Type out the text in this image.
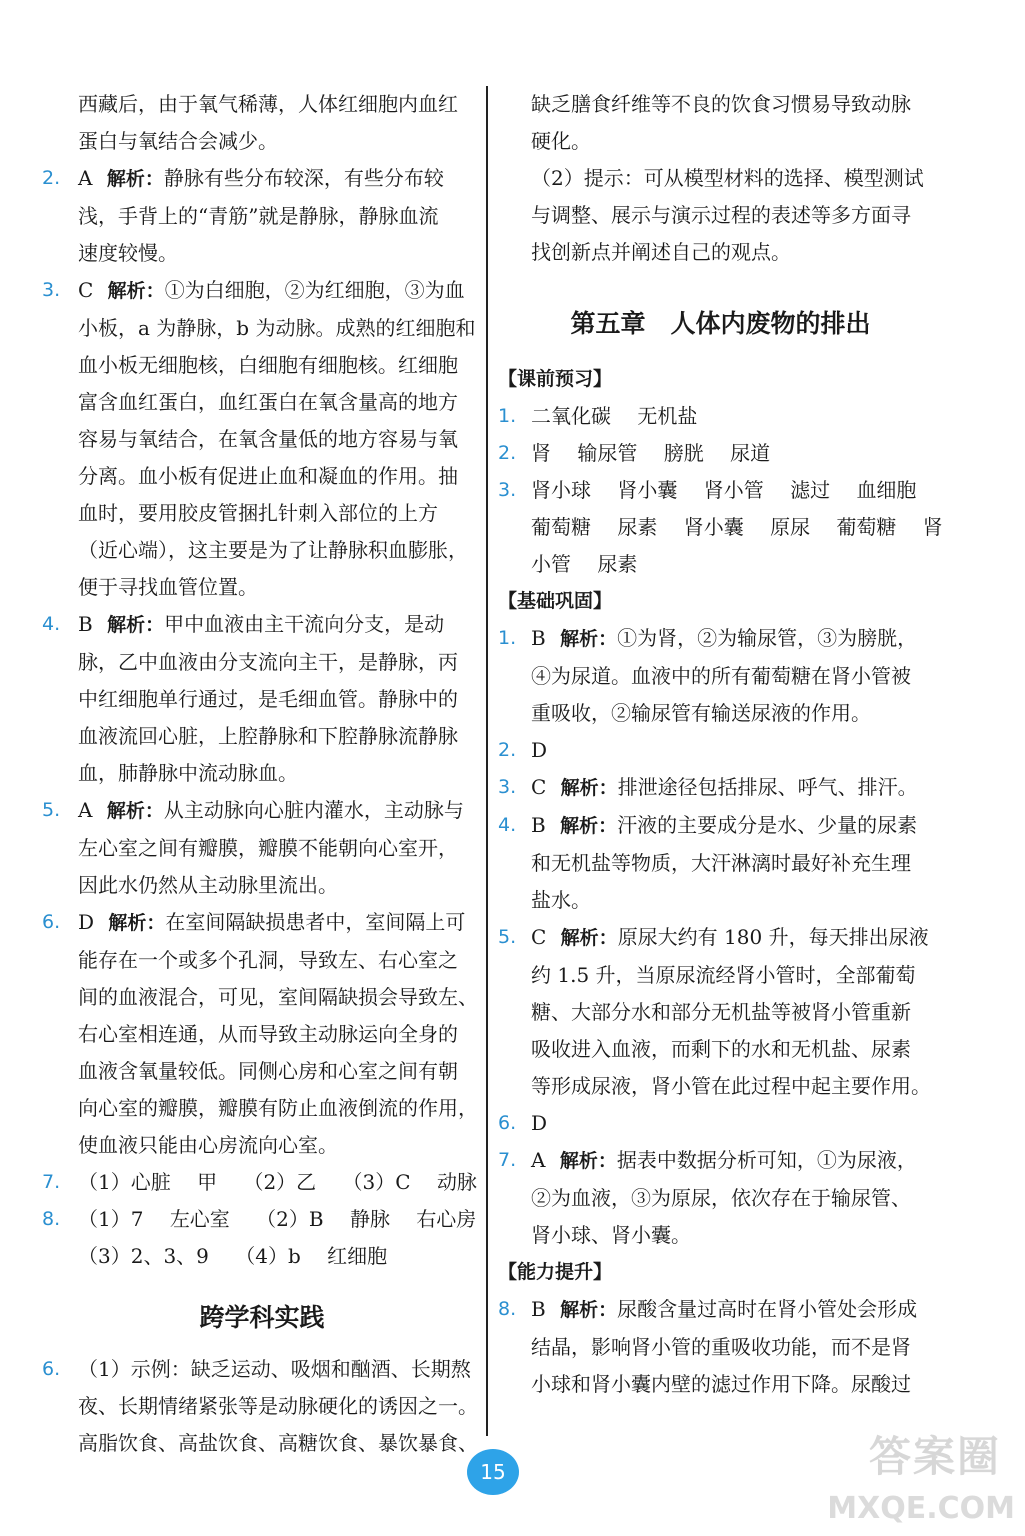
西藏后，由于氧气稀薄，人体红细胞内血红
蛋白与氧结合会减少。
2. A 解析：静脉有些分布较深，有些分布较
浅，手背上的“青筋”就是静脉，静脉血流
速度较慢。
3. C 解析：①为白细胞，②为红细胞，③为血
小板，a 为静脉，b 为动脉。成熟的红细胞和
血小板无细胞核，白细胞有细胞核。红细胞
富含血红蛋白，血红蛋白在氧含量高的地方
容易与氧结合，在氧含量低的地方容易与氧
分离。血小板有促进止血和凝血的作用。抽
血时，要用胶皮管捆扎针刺入部位的上方
（近心端），这主要是为了让静脉积血膨胀，
便于寻找血管位置。
4. B 解析：甲中血液由主干流向分支，是动
脉，乙中血液由分支流向主干，是静脉，丙
中红细胞单行通过，是毛细血管。静脉中的
血液流回心脏，上腔静脉和下腔静脉流静脉
血，肺静脉中流动脉血。
5. A 解析：从主动脉向心脏内灌水，主动脉与
左心室之间有瓣膜，瓣膜不能朝向心室开，
因此水仍然从主动脉里流出。
6. D 解析：在室间隔缺损患者中，室间隔上可
能存在一个或多个孔洞，导致左、右心室之
间的血液混合，可见，室间隔缺损会导致左、
右心室相连通，从而导致主动脉运向全身的
血液含氧量较低。同侧心房和心室之间有朝
向心室的瓣膜，瓣膜有防止血液倒流的作用，
使血液只能由心房流向心室。
7. （1）心脏 甲 （2）乙 （3）C 动脉
8. （1）7 左心室 （2）B 静脉 右心房
（3）2、3、9 （4）b 红细胞
跨学科实践
6. （1）示例：缺乏运动、吸烟和酗酒、长期熬
夜、长期情绪紧张等是动脉硬化的诱因之一。
高脂饮食、高盐饮食、高糖饮食、暴饮暴食、
缺乏膳食纤维等不良的饮食习惯易导致动脉
硬化。
（2）提示：可从模型材料的选择、模型测试
与调整、展示与演示过程的表述等多方面寻
找创新点并阐述自己的观点。
第五章　人体内废物的排出
【课前预习】
1. 二氧化碳 无机盐
2. 肾 输尿管 膀胱 尿道
3. 肾小球 肾小囊 肾小管 滤过 血细胞
葡萄糖 尿素 肾小囊 原尿 葡萄糖 肾
小管 尿素
【基础巩固】
1. B 解析：①为肾，②为输尿管，③为膀胱，
④为尿道。血液中的所有葡萄糖在肾小管被
重吸收，②输尿管有输送尿液的作用。
2. D
3. C 解析：排泄途径包括排尿、呼气、排汗。
4. B 解析：汗液的主要成分是水、少量的尿素
和无机盐等物质，大汗淋漓时最好补充生理
盐水。
5. C 解析：原尿大约有 180 升，每天排出尿液
约 1.5 升，当原尿流经肾小管时，全部葡萄
糖、大部分水和部分无机盐等被肾小管重新
吸收进入血液，而剩下的水和无机盐、尿素
等形成尿液，肾小管在此过程中起主要作用。
6. D
7. A 解析：据表中数据分析可知，①为尿液，
②为血液，③为原尿，依次存在于输尿管、
肾小球、肾小囊。
【能力提升】
8. B 解析：尿酸含量过高时在肾小管处会形成
结晶，影响肾小管的重吸收功能，而不是肾
小球和肾小囊内壁的滤过作用下降。尿酸过
15	答案圈
MXQE.COM
